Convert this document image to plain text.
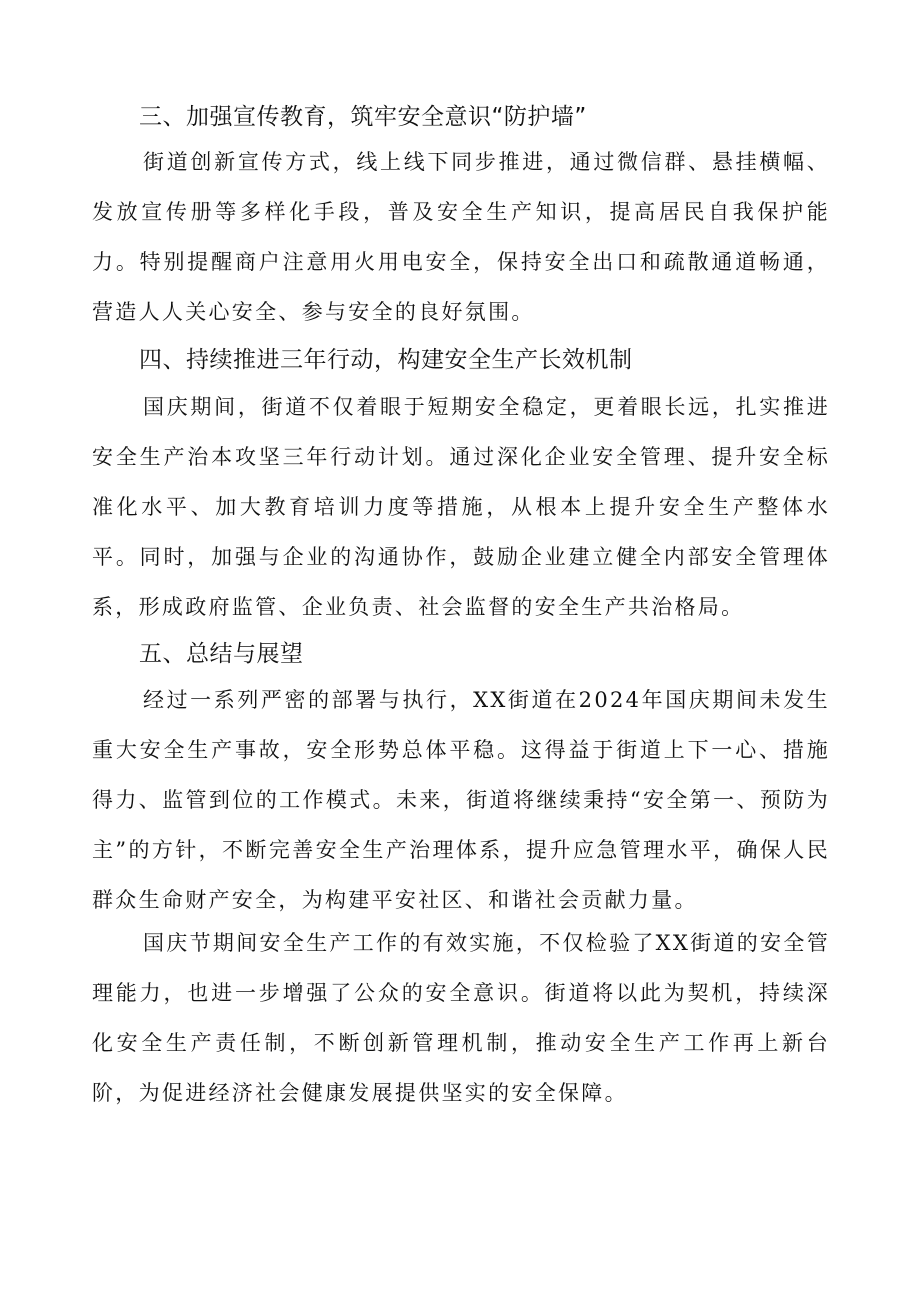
三、加强宣传教育，筑牢安全意识“防护墙”

街道创新宣传方式，线上线下同步推进，通过微信群、悬挂横幅、发放宣传册等多样化手段，普及安全生产知识，提高居民自我保护能力。特别提醒商户注意用火用电安全，保持安全出口和疏散通道畅通，营造人人关心安全、参与安全的良好氛围。

四、持续推进三年行动，构建安全生产长效机制

国庆期间，街道不仅着眼于短期安全稳定，更着眼长远，扎实推进安全生产治本攻坚三年行动计划。通过深化企业安全管理、提升安全标准化水平、加大教育培训力度等措施，从根本上提升安全生产整体水平。同时，加强与企业的沟通协作，鼓励企业建立健全内部安全管理体系，形成政府监管、企业负责、社会监督的安全生产共治格局。

五、总结与展望

经过一系列严密的部署与执行，XX街道在2024年国庆期间未发生重大安全生产事故，安全形势总体平稳。这得益于街道上下一心、措施得力、监管到位的工作模式。未来，街道将继续秉持“安全第一、预防为主”的方针，不断完善安全生产治理体系，提升应急管理水平，确保人民群众生命财产安全，为构建平安社区、和谐社会贡献力量。

国庆节期间安全生产工作的有效实施，不仅检验了XX街道的安全管理能力，也进一步增强了公众的安全意识。街道将以此为契机，持续深化安全生产责任制，不断创新管理机制，推动安全生产工作再上新台阶，为促进经济社会健康发展提供坚实的安全保障。
